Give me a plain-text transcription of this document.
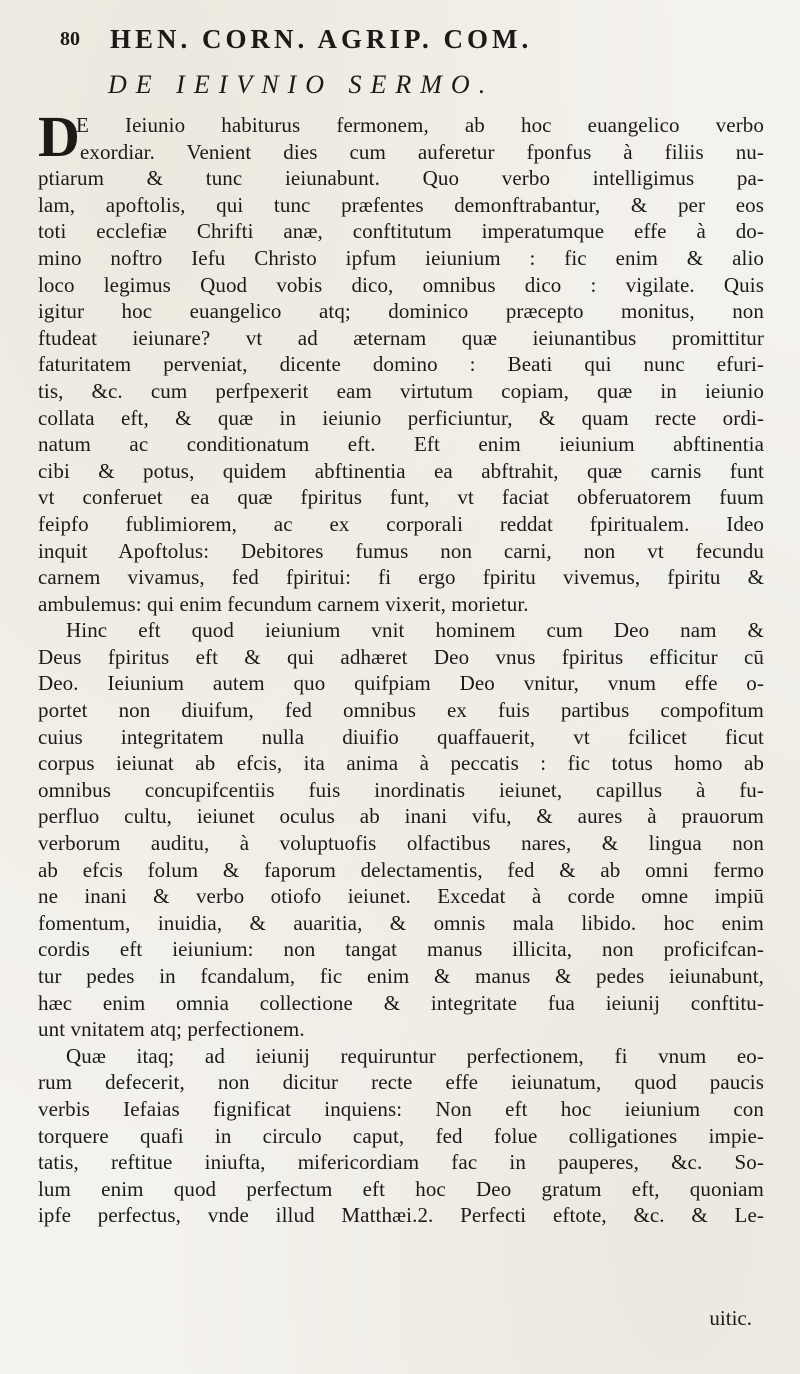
80	HEN. CORN. AGRIP. COM.
DE IEIVNIO SERMO.
D
E Ieiunio habiturus fermonem, ab hoc euangelico verbo
exordiar. Venient dies cum auferetur fponfus à filiis nu-
ptiarum & tunc ieiunabunt. Quo verbo intelligimus pa-
lam, apoftolis, qui tunc præfentes demonftrabantur, & per eos
toti ecclefiæ Chrifti anæ, conftitutum imperatumque effe à do-
mino noftro Iefu Christo ipfum ieiunium : fic enim & alio
loco legimus Quod vobis dico, omnibus dico : vigilate. Quis
igitur hoc euangelico atq; dominico præcepto monitus, non
ftudeat ieiunare? vt ad æternam quæ ieiunantibus promittitur
faturitatem perveniat, dicente domino : Beati qui nunc efuri-
tis, &c. cum perfpexerit eam virtutum copiam, quæ in ieiunio
collata eft, & quæ in ieiunio perficiuntur, & quam recte ordi-
natum ac conditionatum eft. Eft enim ieiunium abftinentia
cibi & potus, quidem abftinentia ea abftrahit, quæ carnis funt
vt conferuet ea quæ fpiritus funt, vt faciat obferuatorem fuum
feipfo fublimiorem, ac ex corporali reddat fpiritualem. Ideo
inquit Apoftolus: Debitores fumus non carni, non vt fecundu
carnem vivamus, fed fpiritui: fi ergo fpiritu vivemus, fpiritu &
ambulemus: qui enim fecundum carnem vixerit, morietur.
Hinc eft quod ieiunium vnit hominem cum Deo nam &
Deus fpiritus eft & qui adhæret Deo vnus fpiritus efficitur cū
Deo. Ieiunium autem quo quifpiam Deo vnitur, vnum effe o-
portet non diuifum, fed omnibus ex fuis partibus compofitum
cuius integritatem nulla diuifio quaffauerit, vt fcilicet ficut
corpus ieiunat ab efcis, ita anima à peccatis : fic totus homo ab
omnibus concupifcentiis fuis inordinatis ieiunet, capillus à fu-
perfluo cultu, ieiunet oculus ab inani vifu, & aures à prauorum
verborum auditu, à voluptuofis olfactibus nares, & lingua non
ab efcis folum & faporum delectamentis, fed & ab omni fermo
ne inani & verbo otiofo ieiunet. Excedat à corde omne impiū
fomentum, inuidia, & auaritia, & omnis mala libido. hoc enim
cordis eft ieiunium: non tangat manus illicita, non proficifcan-
tur pedes in fcandalum, fic enim & manus & pedes ieiunabunt,
hæc enim omnia collectione & integritate fua ieiunij conftitu-
unt vnitatem atq; perfectionem.
Quæ itaq; ad ieiunij requiruntur perfectionem, fi vnum eo-
rum defecerit, non dicitur recte effe ieiunatum, quod paucis
verbis Iefaias fignificat inquiens: Non eft hoc ieiunium con
torquere quafi in circulo caput, fed folue colligationes impie-
tatis, reftitue iniufta, mifericordiam fac in pauperes, &c. So-
lum enim quod perfectum eft hoc Deo gratum eft, quoniam
ipfe perfectus, vnde illud Matthæi.2. Perfecti eftote, &c. & Le-
uitic.
